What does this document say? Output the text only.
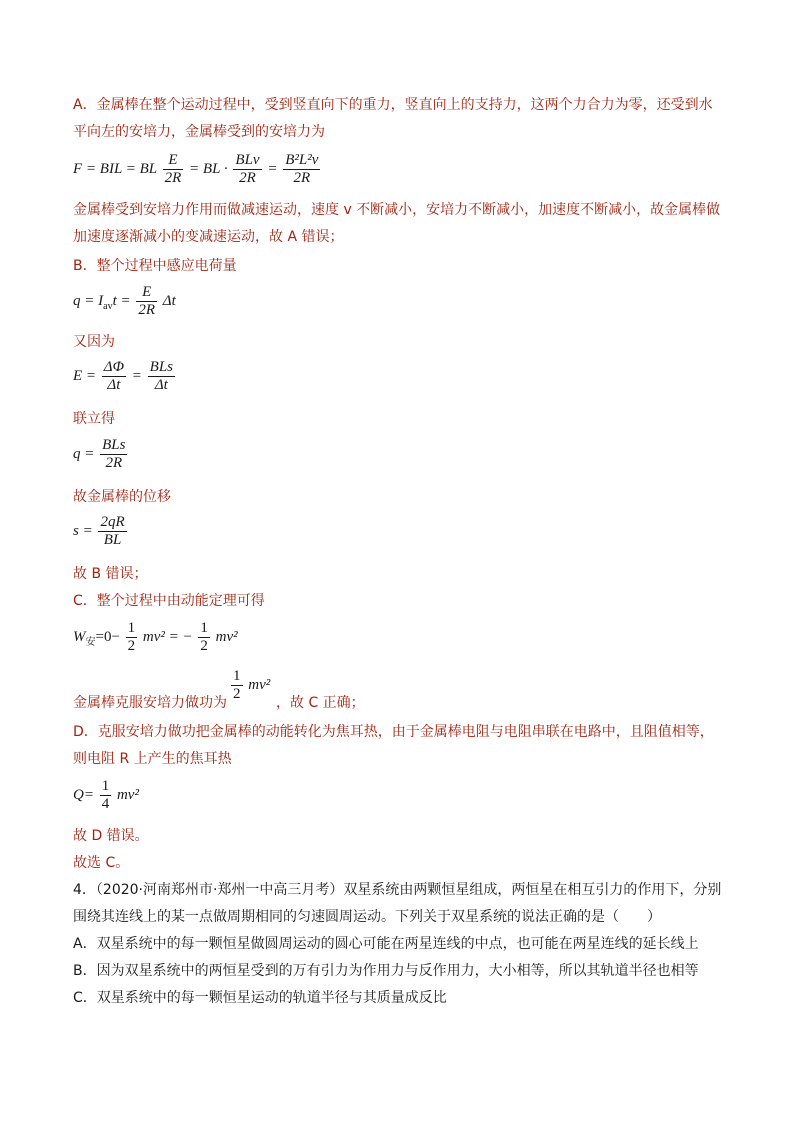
A．金属棒在整个运动过程中，受到竖直向下的重力，竖直向上的支持力，这两个力合力为零，还受到水
平向左的安培力，金属棒受到的安培力为
F = BIL = BL $\frac{E}{2R}$ = BL · $\frac{\text{BLv}}{2R} = \frac{\text{B²L²v}}{2R}$
金属棒受到安培力作用而做减速运动，速度 v 不断减小，安培力不断减小，加速度不断减小，故金属棒做
加速度逐渐减小的变减速运动，故 A 错误；
B．整个过程中感应电荷量
$q = I_{av}t = \frac{E}{2R}$ Δt
又因为
$E = \frac{\Delta\Phi}{\Delta t} = \frac{\text{BLs}}{\Delta t}$
联立得
$q = \frac{\text{BLs}}{2R}$
故金属棒的位移
$s = \frac{2qR}{BL}$
故 B 错误；
C．整个过程中由动能定理可得
$W_安=0- \frac{1}{2} mv^2$ = − $\frac{1}{2} mv^2$
金属棒克服安培力做功为 $\frac{1}{2} mv^2$
，故 C 正确；
D．克服安培力做功把金属棒的动能转化为焦耳热，由于金属棒电阻与电阻串联在电路中，且阻值相等，
则电阻 R 上产生的焦耳热
$Q= \frac{1}{4} mv^2$
故 D 错误。
故选 C。
4．（2020·河南郑州市·郑州一中高三月考）双星系统由两颗恒星组成，两恒星在相互引力的作用下，分别
围绕其连线上的某一点做周期相同的匀速圆周运动。下列关于双星系统的说法正确的是（　　）
A．双星系统中的每一颗恒星做圆周运动的圆心可能在两星连线的中点，也可能在两星连线的延长线上
B．因为双星系统中的两恒星受到的万有引力为作用力与反作用力，大小相等，所以其轨道半径也相等
C．双星系统中的每一颗恒星运动的轨道半径与其质量成反比
